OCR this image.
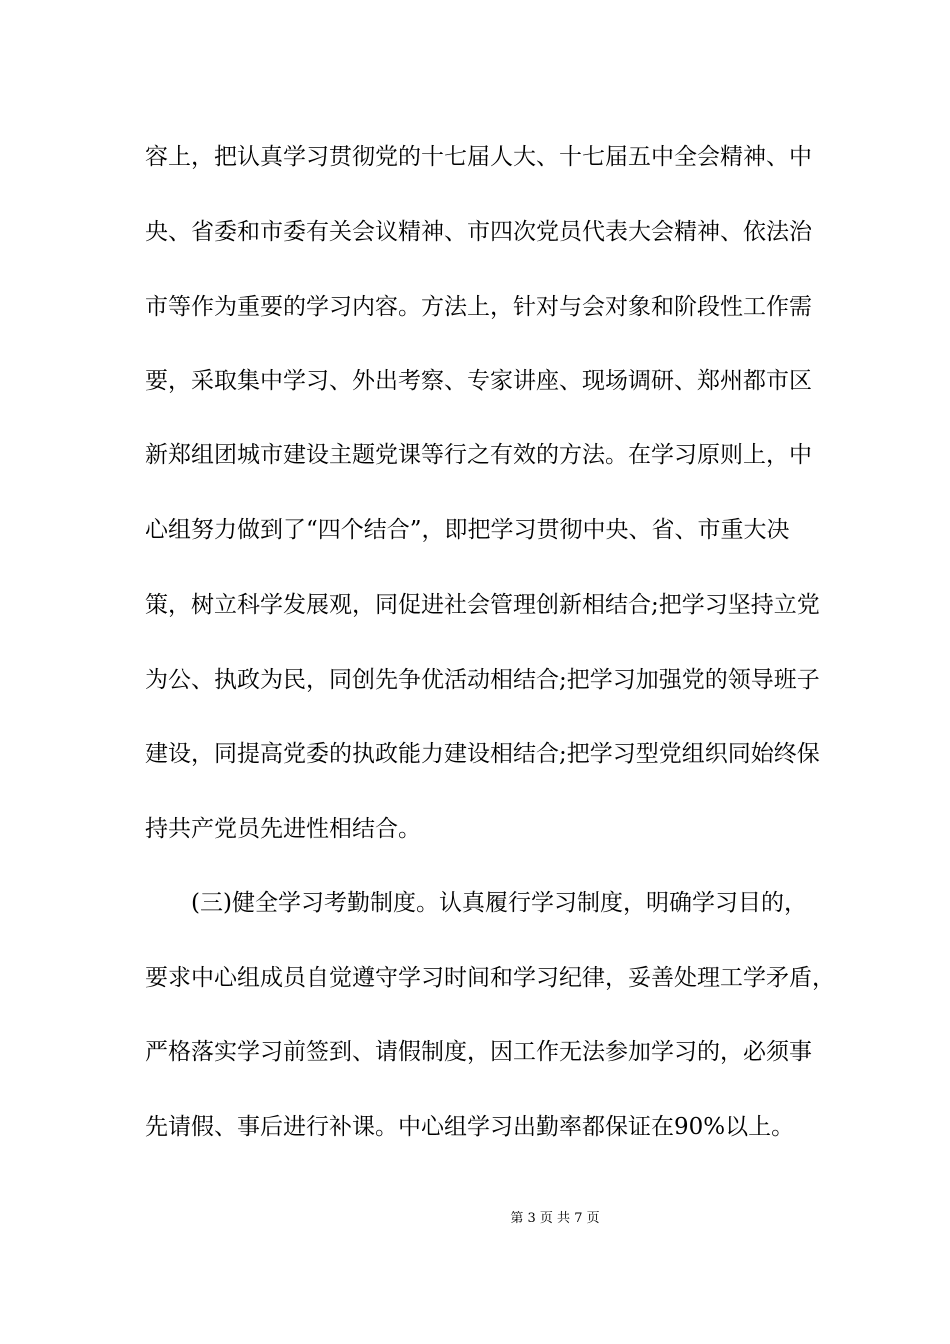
容上，把认真学习贯彻党的十七届人大、十七届五中全会精神、中
央、省委和市委有关会议精神、市四次党员代表大会精神、依法治
市等作为重要的学习内容。方法上，针对与会对象和阶段性工作需
要，采取集中学习、外出考察、专家讲座、现场调研、郑州都市区
新郑组团城市建设主题党课等行之有效的方法。在学习原则上，中
心组努力做到了“四个结合”，即把学习贯彻中央、省、市重大决
策，树立科学发展观，同促进社会管理创新相结合;把学习坚持立党
为公、执政为民，同创先争优活动相结合;把学习加强党的领导班子
建设，同提高党委的执政能力建设相结合;把学习型党组织同始终保
持共产党员先进性相结合。
　　(三)健全学习考勤制度。认真履行学习制度，明确学习目的，
要求中心组成员自觉遵守学习时间和学习纪律，妥善处理工学矛盾，
严格落实学习前签到、请假制度，因工作无法参加学习的，必须事
先请假、事后进行补课。中心组学习出勤率都保证在90%以上。
第 3 页 共 7 页
